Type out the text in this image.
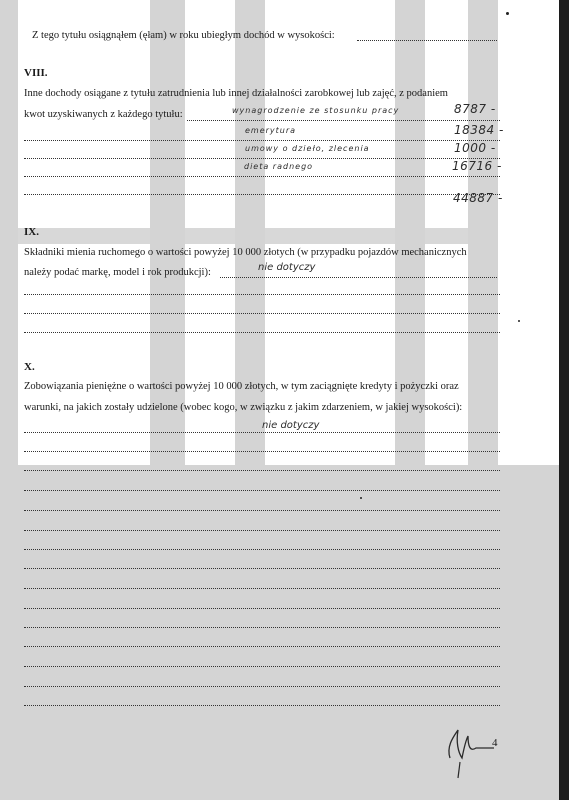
Z tego tytułu osiągnąłem (ęłam) w roku ubiegłym dochód w wysokości:
VIII.
Inne dochody osiągane z tytułu zatrudnienia lub innej działalności zarobkowej lub zajęć, z podaniem
kwot uzyskiwanych z każdego tytułu:	wynagrodzenie ze stosunku pracy	8787 -
emerytura	18384 -
umowy o dzieło, zlecenia	1000 -
dieta radnego	16716 -
44887 -
IX.
Składniki mienia ruchomego o wartości powyżej 10 000 złotych (w przypadku pojazdów mechanicznych
należy podać markę, model i rok produkcji):	nie dotyczy
X.
Zobowiązania pieniężne o wartości powyżej 10 000 złotych, w tym zaciągnięte kredyty i pożyczki oraz
warunki, na jakich zostały udzielone (wobec kogo, w związku z jakim zdarzeniem, w jakiej wysokości):
nie dotyczy
4
